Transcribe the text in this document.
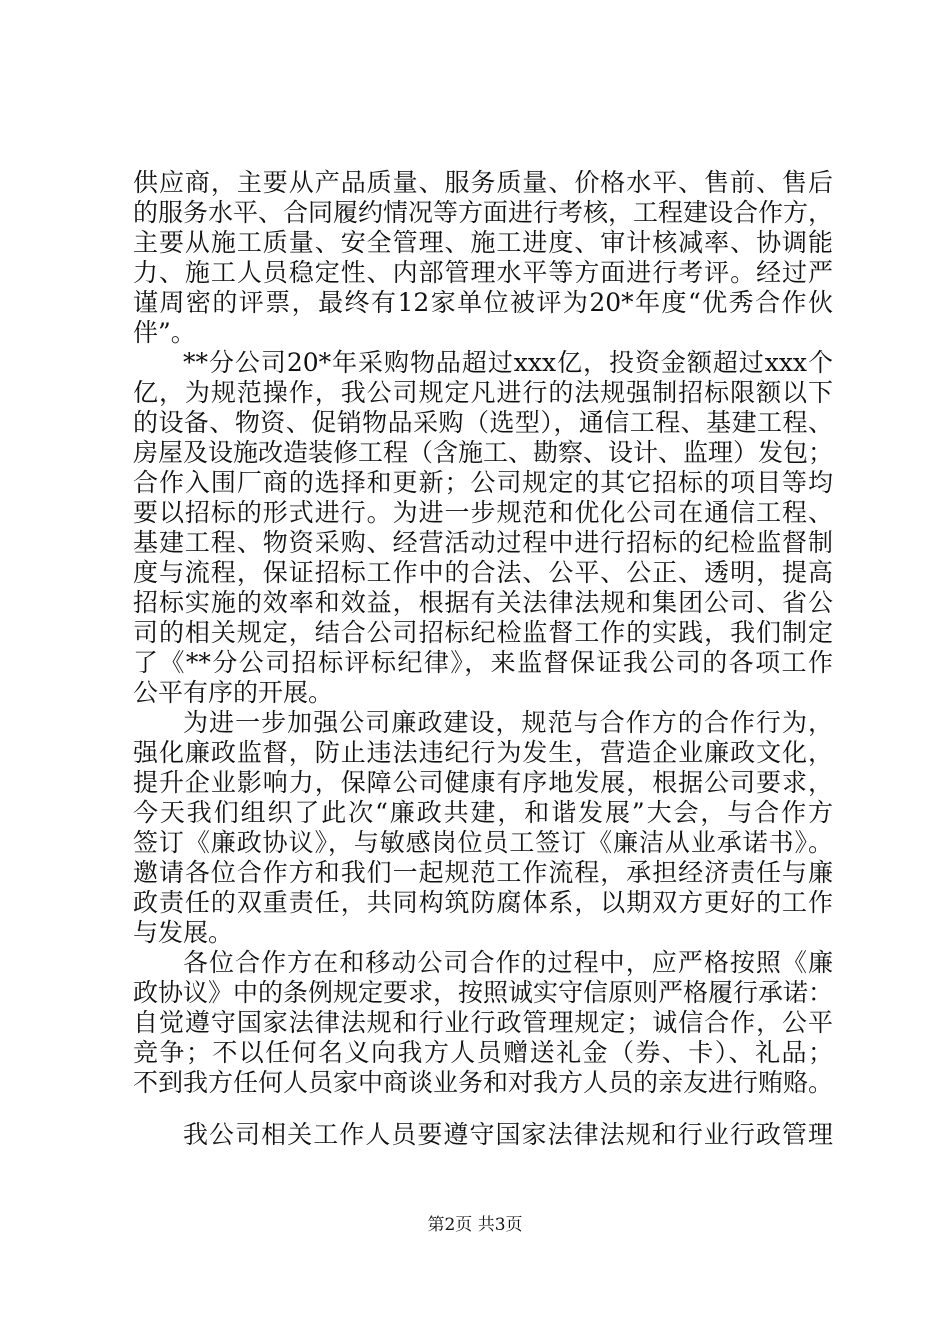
供应商，主要从产品质量、服务质量、价格水平、售前、售后
的服务水平、合同履约情况等方面进行考核，工程建设合作方，
主要从施工质量、安全管理、施工进度、审计核减率、协调能
力、施工人员稳定性、内部管理水平等方面进行考评。经过严
谨周密的评票，最终有12家单位被评为20*年度“优秀合作伙
伴”。
**分公司20*年采购物品超过xxx亿，投资金额超过xxx个
亿，为规范操作，我公司规定凡进行的法规强制招标限额以下
的设备、物资、促销物品采购（选型），通信工程、基建工程、
房屋及设施改造装修工程（含施工、勘察、设计、监理）发包；
合作入围厂商的选择和更新；公司规定的其它招标的项目等均
要以招标的形式进行。为进一步规范和优化公司在通信工程、
基建工程、物资采购、经营活动过程中进行招标的纪检监督制
度与流程，保证招标工作中的合法、公平、公正、透明，提高
招标实施的效率和效益，根据有关法律法规和集团公司、省公
司的相关规定，结合公司招标纪检监督工作的实践，我们制定
了《**分公司招标评标纪律》，来监督保证我公司的各项工作
公平有序的开展。
为进一步加强公司廉政建设，规范与合作方的合作行为，
强化廉政监督，防止违法违纪行为发生，营造企业廉政文化，
提升企业影响力，保障公司健康有序地发展，根据公司要求，
今天我们组织了此次“廉政共建，和谐发展”大会，与合作方
签订《廉政协议》，与敏感岗位员工签订《廉洁从业承诺书》。
邀请各位合作方和我们一起规范工作流程，承担经济责任与廉
政责任的双重责任，共同构筑防腐体系，以期双方更好的工作
与发展。
各位合作方在和移动公司合作的过程中，应严格按照《廉
政协议》中的条例规定要求，按照诚实守信原则严格履行承诺：
自觉遵守国家法律法规和行业行政管理规定；诚信合作，公平
竞争；不以任何名义向我方人员赠送礼金（券、卡）、礼品；
不到我方任何人员家中商谈业务和对我方人员的亲友进行贿赂。
我公司相关工作人员要遵守国家法律法规和行业行政管理
第2页 共3页
